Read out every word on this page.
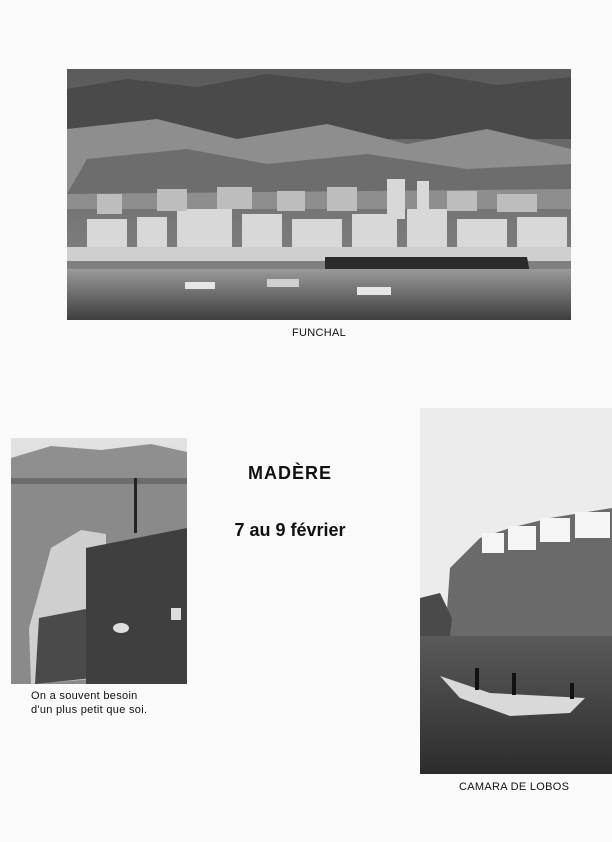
FUNCHAL
MADÈRE
7 au 9 février
On a souvent besoin
d'un plus petit que soi.
CAMARA DE LOBOS
